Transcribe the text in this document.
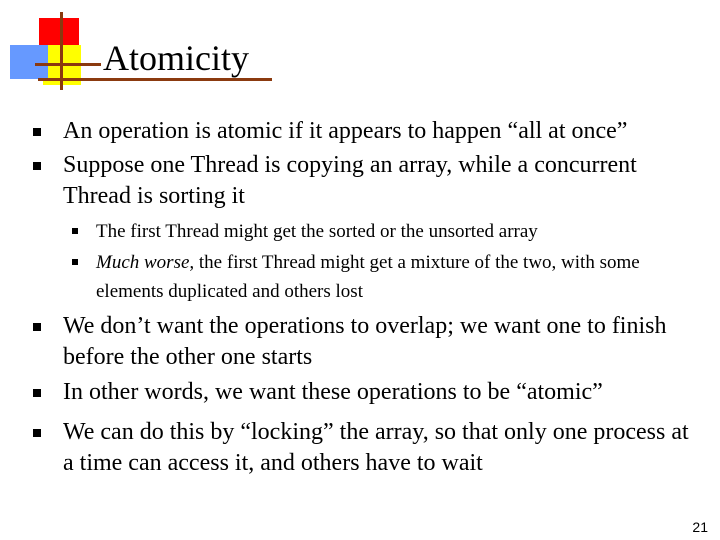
Atomicity
An operation is atomic if it appears to happen “all at once”
Suppose one Thread is copying an array, while a concurrent Thread is sorting it
The first Thread might get the sorted or the unsorted array
Much worse, the first Thread might get a mixture of the two, with some elements duplicated and others lost
We don’t want the operations to overlap; we want one to finish before the other one starts
In other words, we want these operations to be “atomic”
We can do this by “locking” the array, so that only one process at a time can access it, and others have to wait
21
